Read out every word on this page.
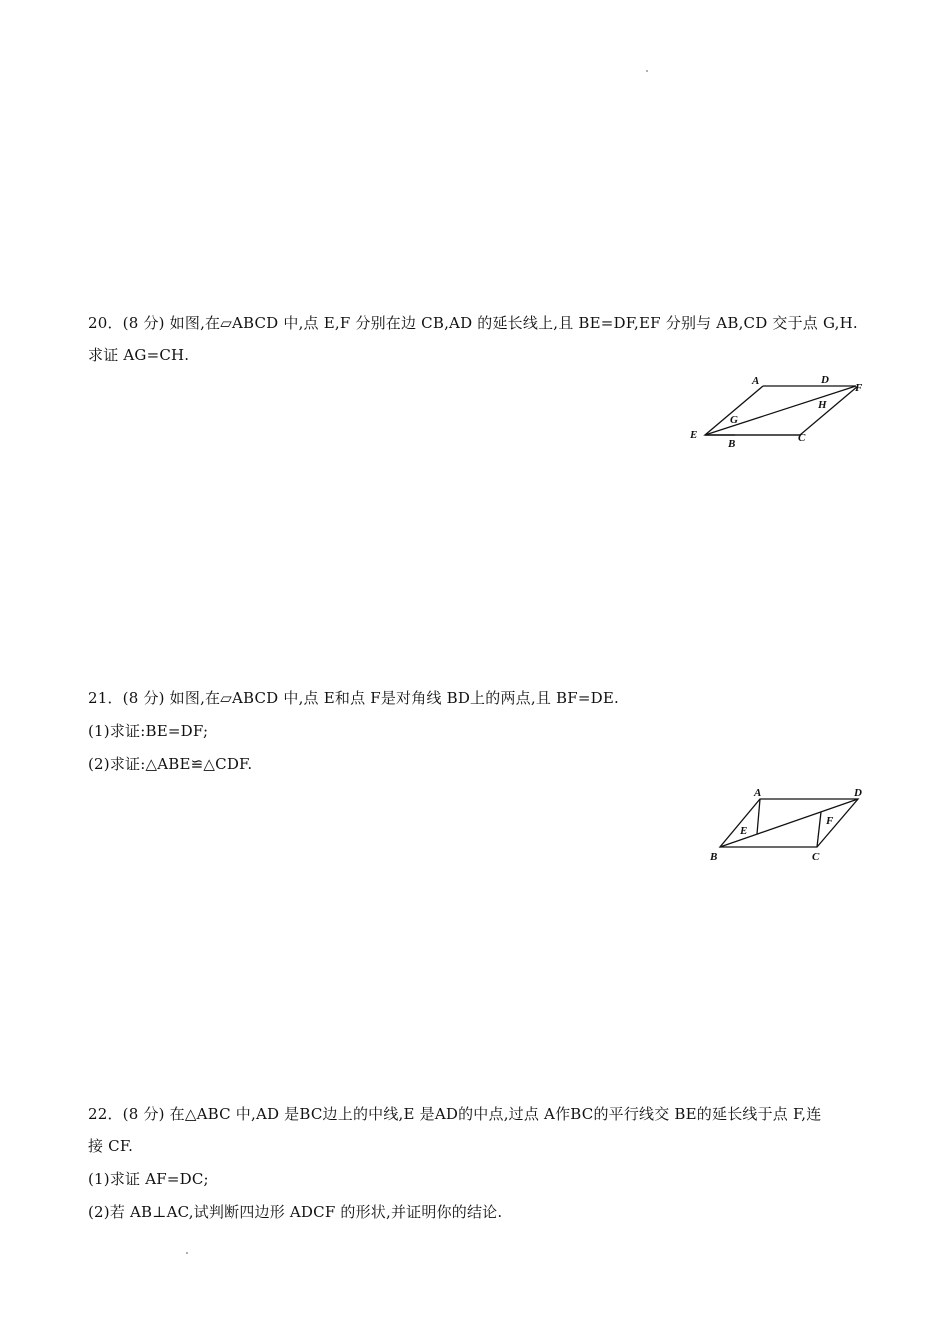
20．(8 分) 如图,在▱ABCD 中,点 E,F 分别在边 CB,AD 的延长线上,且 BE=DF,EF 分别与 AB,CD 交于点 G,H.
求证 AG=CH.
A	D
F
H
G
E
B	C
21．(8 分) 如图,在▱ABCD 中,点 E和点 F是对角线 BD上的两点,且 BF=DE.
(1)求证:BE=DF;
(2)求证:△ABE≌△CDF.
A	D
E
F
B	C
22．(8 分) 在△ABC 中,AD 是BC边上的中线,E 是AD的中点,过点 A作BC的平行线交 BE的延长线于点 F,连
接 CF.
(1)求证 AF=DC;
(2)若 AB⊥AC,试判断四边形 ADCF 的形状,并证明你的结论.
